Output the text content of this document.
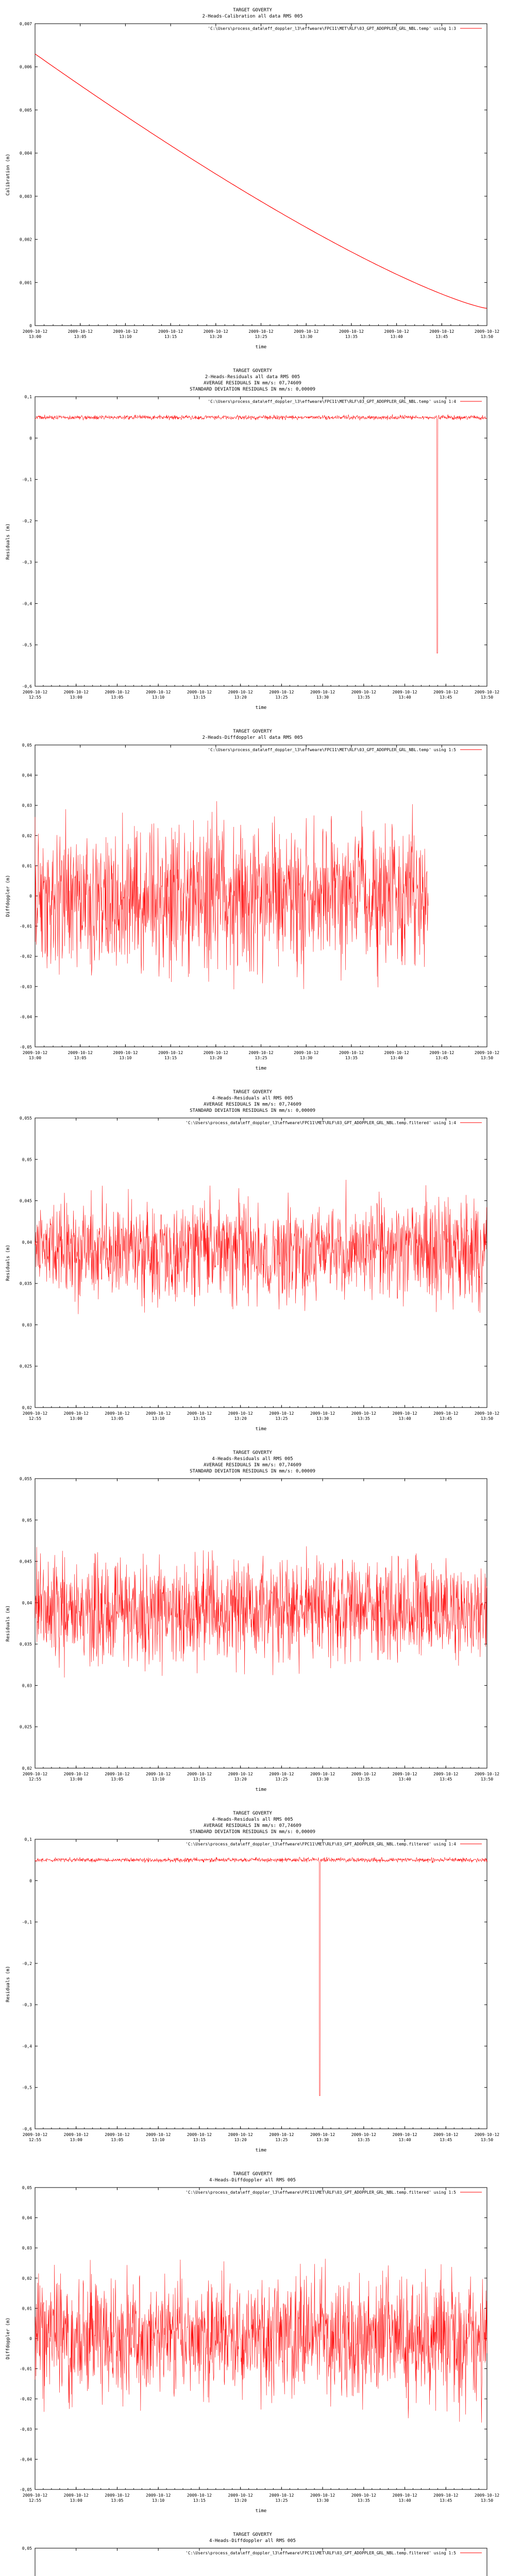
TARGET GOVERTY
2-Heads-Calibration all data RMS 005
0
0,001
0,002
0,003
0,004
0,005
0,006
0,007
2009-10-12
13:00
2009-10-12
13:05
2009-10-12
13:10
2009-10-12
13:15
2009-10-12
13:20
2009-10-12
13:25
2009-10-12
13:30
2009-10-12
13:35
2009-10-12
13:40
2009-10-12
13:45
2009-10-12
13:50
time
Calibration (m)
'C:\Users\process_data\eff_doppler_l3\effweare\FPC11\MET\RLF\03_GPT_ADOPPLER_GRL_NBL.temp' using 1:3
TARGET GOVERTY
2-Heads-Residuals all data RMS 005
AVERAGE RESIDUALS IN mm/s: 07,74609
STANDARD DEVIATION RESIDUALS IN mm/s: 0,00009
-0,6
-0,5
-0,4
-0,3
-0,2
-0,1
0
0,1
2009-10-12
12:55
2009-10-12
13:00
2009-10-12
13:05
2009-10-12
13:10
2009-10-12
13:15
2009-10-12
13:20
2009-10-12
13:25
2009-10-12
13:30
2009-10-12
13:35
2009-10-12
13:40
2009-10-12
13:45
2009-10-12
13:50
time
Residuals (m)
'C:\Users\process_data\eff_doppler_l3\effweare\FPC11\MET\RLF\03_GPT_ADOPPLER_GRL_NBL.temp' using 1:4
TARGET GOVERTY
2-Heads-Diffdoppler all data RMS 005
-0,05
-0,04
-0,03
-0,02
-0,01
0
0,01
0,02
0,03
0,04
0,05
2009-10-12
13:00
2009-10-12
13:05
2009-10-12
13:10
2009-10-12
13:15
2009-10-12
13:20
2009-10-12
13:25
2009-10-12
13:30
2009-10-12
13:35
2009-10-12
13:40
2009-10-12
13:45
2009-10-12
13:50
time
Diffdoppler (m)
'C:\Users\process_data\eff_doppler_l3\effweare\FPC11\MET\RLF\03_GPT_ADOPPLER_GRL_NBL.temp' using 1:5
TARGET GOVERTY
4-Heads-Residuals all RMS 005
AVERAGE RESIDUALS IN mm/s: 07,74609
STANDARD DEVIATION RESIDUALS IN mm/s: 0,00009
0,02
0,025
0,03
0,035
0,04
0,045
0,05
0,055
2009-10-12
12:55
2009-10-12
13:00
2009-10-12
13:05
2009-10-12
13:10
2009-10-12
13:15
2009-10-12
13:20
2009-10-12
13:25
2009-10-12
13:30
2009-10-12
13:35
2009-10-12
13:40
2009-10-12
13:45
2009-10-12
13:50
time
Residuals (m)
'C:\Users\process_data\eff_doppler_l3\effweare\FPC11\MET\RLF\03_GPT_ADOPPLER_GRL_NBL.temp.filtered' using 1:4
TARGET GOVERTY
4-Heads-Residuals all RMS 005
AVERAGE RESIDUALS IN mm/s: 07,74609
STANDARD DEVIATION RESIDUALS IN mm/s: 0,00009
0,02
0,025
0,03
0,035
0,04
0,045
0,05
0,055
2009-10-12
12:55
2009-10-12
13:00
2009-10-12
13:05
2009-10-12
13:10
2009-10-12
13:15
2009-10-12
13:20
2009-10-12
13:25
2009-10-12
13:30
2009-10-12
13:35
2009-10-12
13:40
2009-10-12
13:45
2009-10-12
13:50
time
Residuals (m)
TARGET GOVERTY
4-Heads-Residuals all RMS 005
AVERAGE RESIDUALS IN mm/s: 07,74609
STANDARD DEVIATION RESIDUALS IN mm/s: 0,00009
-0,6
-0,5
-0,4
-0,3
-0,2
-0,1
0
0,1
2009-10-12
12:55
2009-10-12
13:00
2009-10-12
13:05
2009-10-12
13:10
2009-10-12
13:15
2009-10-12
13:20
2009-10-12
13:25
2009-10-12
13:30
2009-10-12
13:35
2009-10-12
13:40
2009-10-12
13:45
2009-10-12
13:50
time
Residuals (m)
'C:\Users\process_data\eff_doppler_l3\effweare\FPC11\MET\RLF\03_GPT_ADOPPLER_GRL_NBL.temp.filtered' using 1:4
TARGET GOVERTY
4-Heads-Diffdoppler all RMS 005
-0,05
-0,04
-0,03
-0,02
-0,01
0
0,01
0,02
0,03
0,04
0,05
2009-10-12
12:55
2009-10-12
13:00
2009-10-12
13:05
2009-10-12
13:10
2009-10-12
13:15
2009-10-12
13:20
2009-10-12
13:25
2009-10-12
13:30
2009-10-12
13:35
2009-10-12
13:40
2009-10-12
13:45
2009-10-12
13:50
time
Diffdoppler (m)
'C:\Users\process_data\eff_doppler_l3\effweare\FPC11\MET\RLF\03_GPT_ADOPPLER_GRL_NBL.temp.filtered' using 1:5
TARGET GOVERTY
4-Heads-Diffdoppler all RMS 005
0,05
'C:\Users\process_data\eff_doppler_l3\effweare\FPC11\MET\RLF\03_GPT_ADOPPLER_GRL_NBL.temp.filtered' using 1:5
